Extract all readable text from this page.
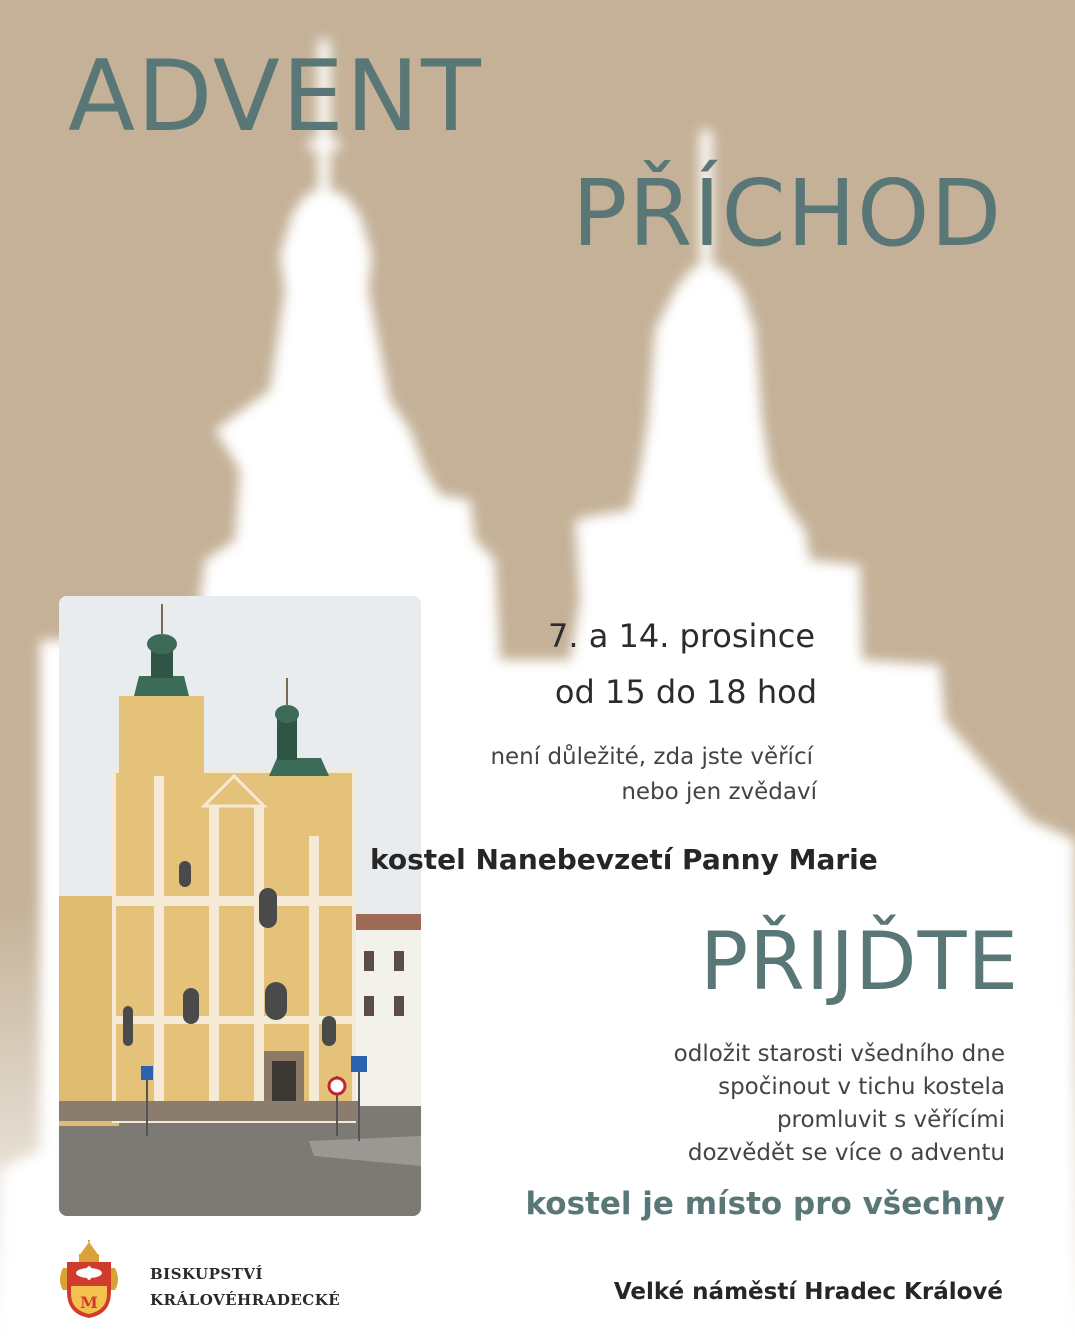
ADVENT
PŘÍCHOD
7. a 14. prosince
od 15 do 18 hod
není důležité, zda jste věřící
nebo jen zvědaví
kostel Nanebevzetí Panny Marie
PŘIJĎTE
odložit starosti všedního dne
spočinout v tichu kostela
promluvit s věřícími
dozvědět se více o adventu
kostel je místo pro všechny
M
BISKUPSTVÍ
KRÁLOVÉHRADECKÉ	Velké náměstí Hradec Králové
